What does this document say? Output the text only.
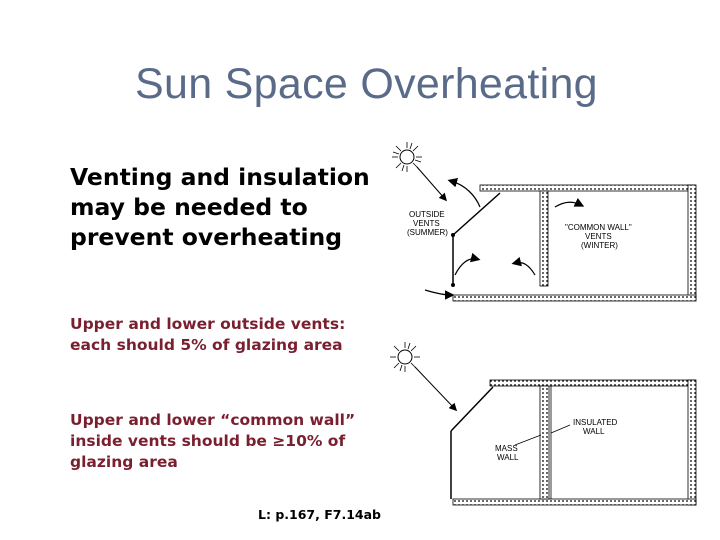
Sun Space Overheating
Venting and insulation may be needed to prevent overheating
Upper and lower outside vents: each should 5% of glazing area
Upper and lower “common wall” inside vents should be ≥10% of glazing area
L: p.167, F7.14ab
OUTSIDE
VENTS
(SUMMER)
"COMMON WALL"
VENTS
(WINTER)
INSULATED
WALL
MASS
WALL
